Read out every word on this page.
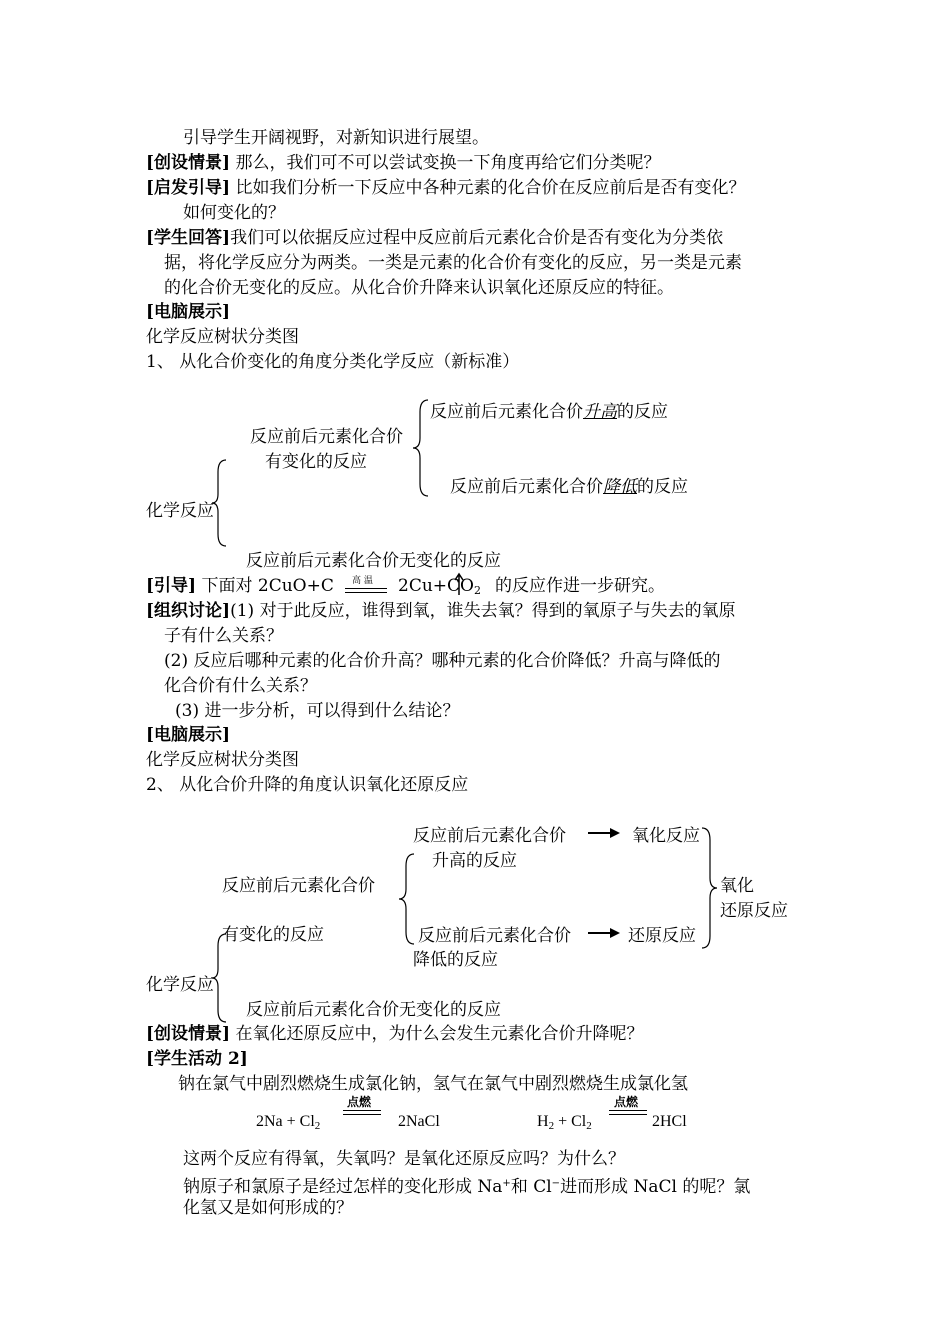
引导学生开阔视野，对新知识进行展望。
[创设情景] 那么，我们可不可以尝试变换一下角度再给它们分类呢？
[启发引导] 比如我们分析一下反应中各种元素的化合价在反应前后是否有变化？
如何变化的？
[学生回答]我们可以依据反应过程中反应前后元素化合价是否有变化为分类依
据，将化学反应分为两类。一类是元素的化合价有变化的反应，另一类是元素
的化合价无变化的反应。从化合价升降来认识氧化还原反应的特征。
[电脑展示]
化学反应树状分类图
1、 从化合价变化的角度分类化学反应（新标准）
化学反应
反应前后元素化合价
有变化的反应
反应前后元素化合价升高的反应
反应前后元素化合价降低的反应
反应前后元素化合价无变化的反应
[引导] 下面对 2CuO+C 高 温 $2Cu+CO_2$ 的反应作进一步研究。
[组织讨论](1) 对于此反应，谁得到氧，谁失去氧？得到的氧原子与失去的氧原
子有什么关系？
(2) 反应后哪种元素的化合价升高？哪种元素的化合价降低？升高与降低的
化合价有什么关系？
(3) 进一步分析，可以得到什么结论？
[电脑展示]
化学反应树状分类图
2、 从化合价升降的角度认识氧化还原反应
反应前后元素化合价	氧化反应
升高的反应
氧化
还原反应
反应前后元素化合价
有变化的反应	反应前后元素化合价	还原反应
降低的反应
化学反应
反应前后元素化合价无变化的反应
[创设情景] 在氧化还原反应中，为什么会发生元素化合价升降呢？
[学生活动 2]
钠在氯气中剧烈燃烧生成氯化钠，氢气在氯气中剧烈燃烧生成氯化氢
$2Na + Cl_2$
点燃
2NaCl	$H_2 + Cl_2$
点燃
2HCl
这两个反应有得氧，失氧吗？是氧化还原反应吗？为什么？
钠原子和氯原子是经过怎样的变化形成 Na+和 Cl−进而形成 NaCl 的呢？氯
化氢又是如何形成的？
